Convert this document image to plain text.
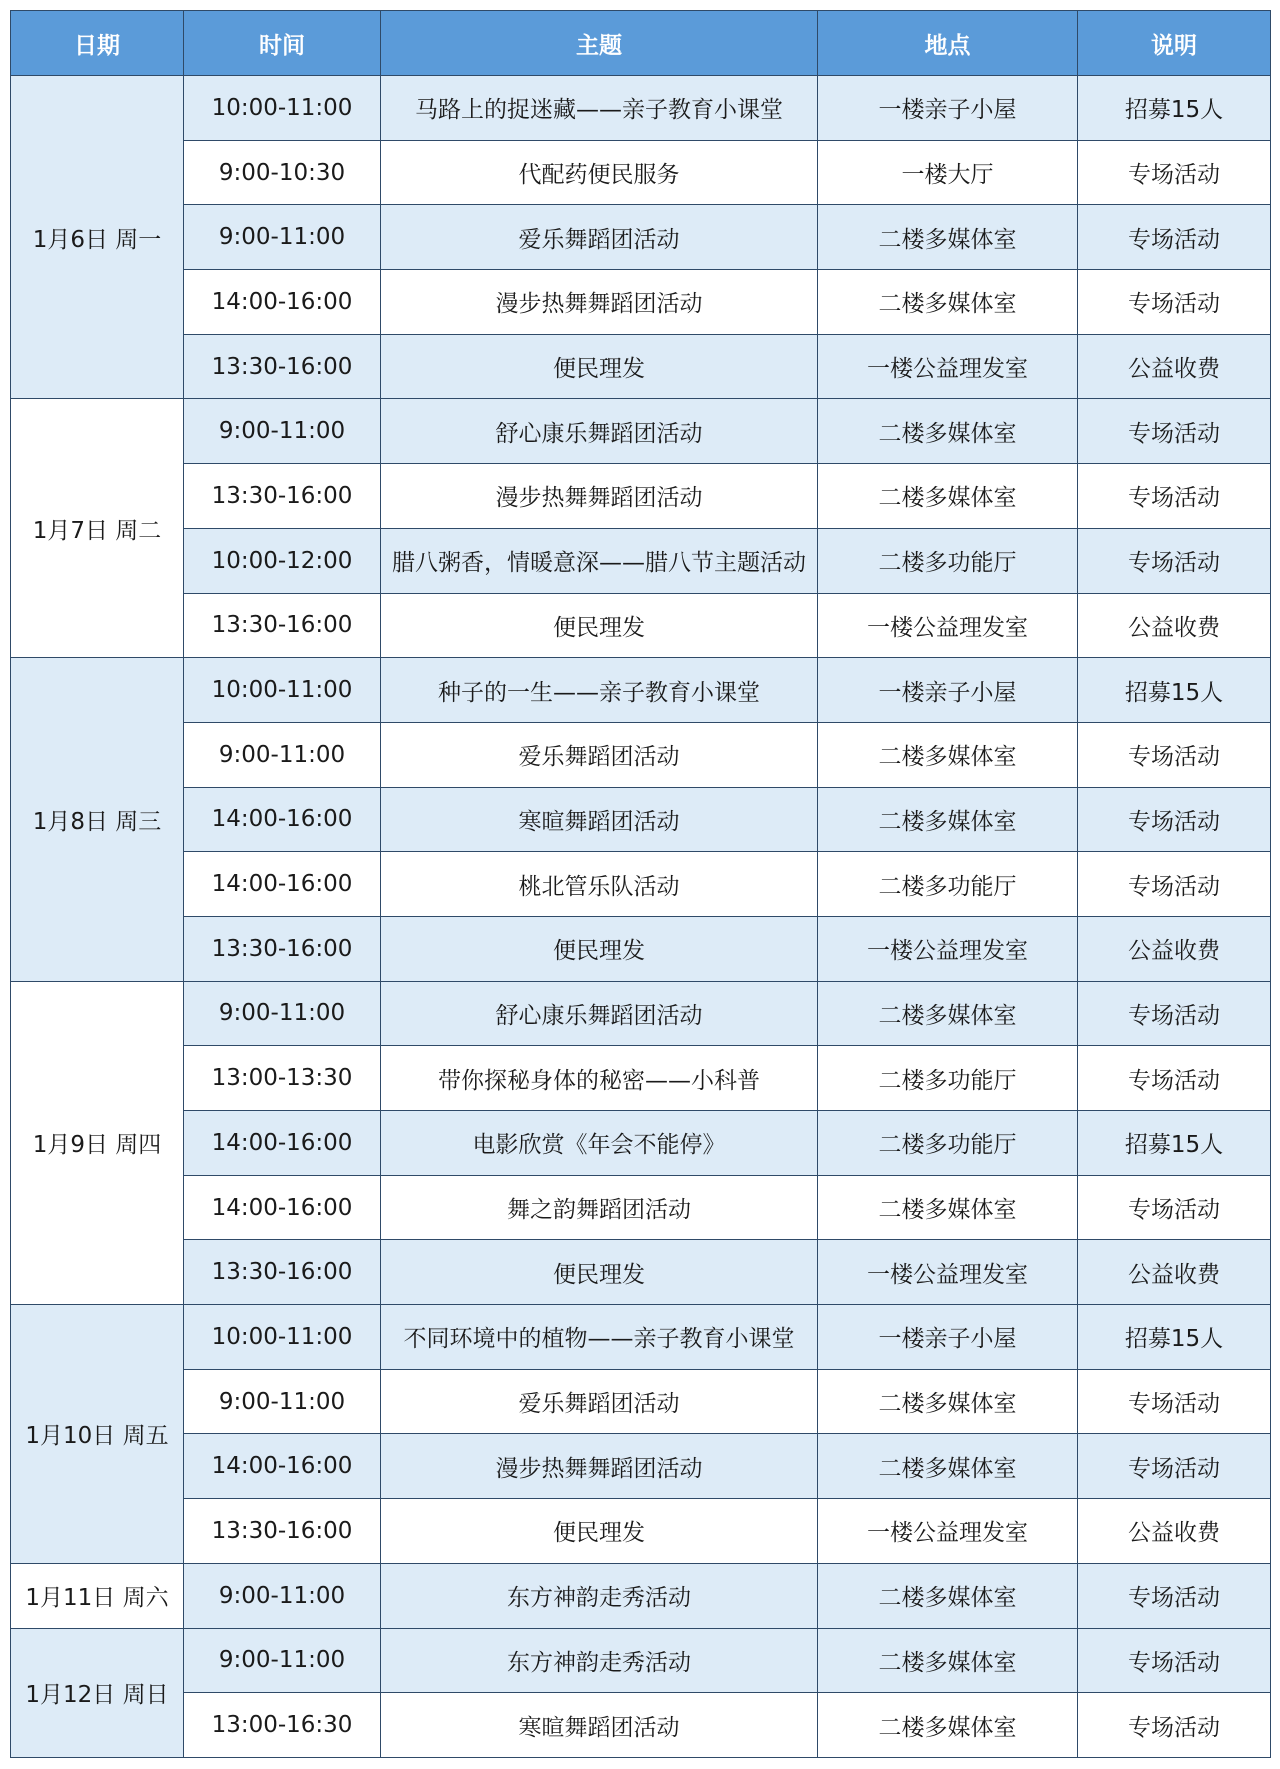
日期	时间	主题	地点	说明
1月6日 周一	10:00-11:00	马路上的捉迷藏——亲子教育小课堂	一楼亲子小屋	招募15人
	9:00-10:30	代配药便民服务	一楼大厅	专场活动
	9:00-11:00	爱乐舞蹈团活动	二楼多媒体室	专场活动
	14:00-16:00	漫步热舞舞蹈团活动	二楼多媒体室	专场活动
	13:30-16:00	便民理发	一楼公益理发室	公益收费
1月7日 周二	9:00-11:00	舒心康乐舞蹈团活动	二楼多媒体室	专场活动
	13:30-16:00	漫步热舞舞蹈团活动	二楼多媒体室	专场活动
	10:00-12:00	腊八粥香，情暖意深——腊八节主题活动	二楼多功能厅	专场活动
	13:30-16:00	便民理发	一楼公益理发室	公益收费
1月8日 周三	10:00-11:00	种子的一生——亲子教育小课堂	一楼亲子小屋	招募15人
	9:00-11:00	爱乐舞蹈团活动	二楼多媒体室	专场活动
	14:00-16:00	寒暄舞蹈团活动	二楼多媒体室	专场活动
	14:00-16:00	桃北管乐队活动	二楼多功能厅	专场活动
	13:30-16:00	便民理发	一楼公益理发室	公益收费
1月9日 周四	9:00-11:00	舒心康乐舞蹈团活动	二楼多媒体室	专场活动
	13:00-13:30	带你探秘身体的秘密——小科普	二楼多功能厅	专场活动
	14:00-16:00	电影欣赏《年会不能停》	二楼多功能厅	招募15人
	14:00-16:00	舞之韵舞蹈团活动	二楼多媒体室	专场活动
	13:30-16:00	便民理发	一楼公益理发室	公益收费
1月10日 周五	10:00-11:00	不同环境中的植物——亲子教育小课堂	一楼亲子小屋	招募15人
	9:00-11:00	爱乐舞蹈团活动	二楼多媒体室	专场活动
	14:00-16:00	漫步热舞舞蹈团活动	二楼多媒体室	专场活动
	13:30-16:00	便民理发	一楼公益理发室	公益收费
1月11日 周六	9:00-11:00	东方神韵走秀活动	二楼多媒体室	专场活动
1月12日 周日	9:00-11:00	东方神韵走秀活动	二楼多媒体室	专场活动
	13:00-16:30	寒暄舞蹈团活动	二楼多媒体室	专场活动
